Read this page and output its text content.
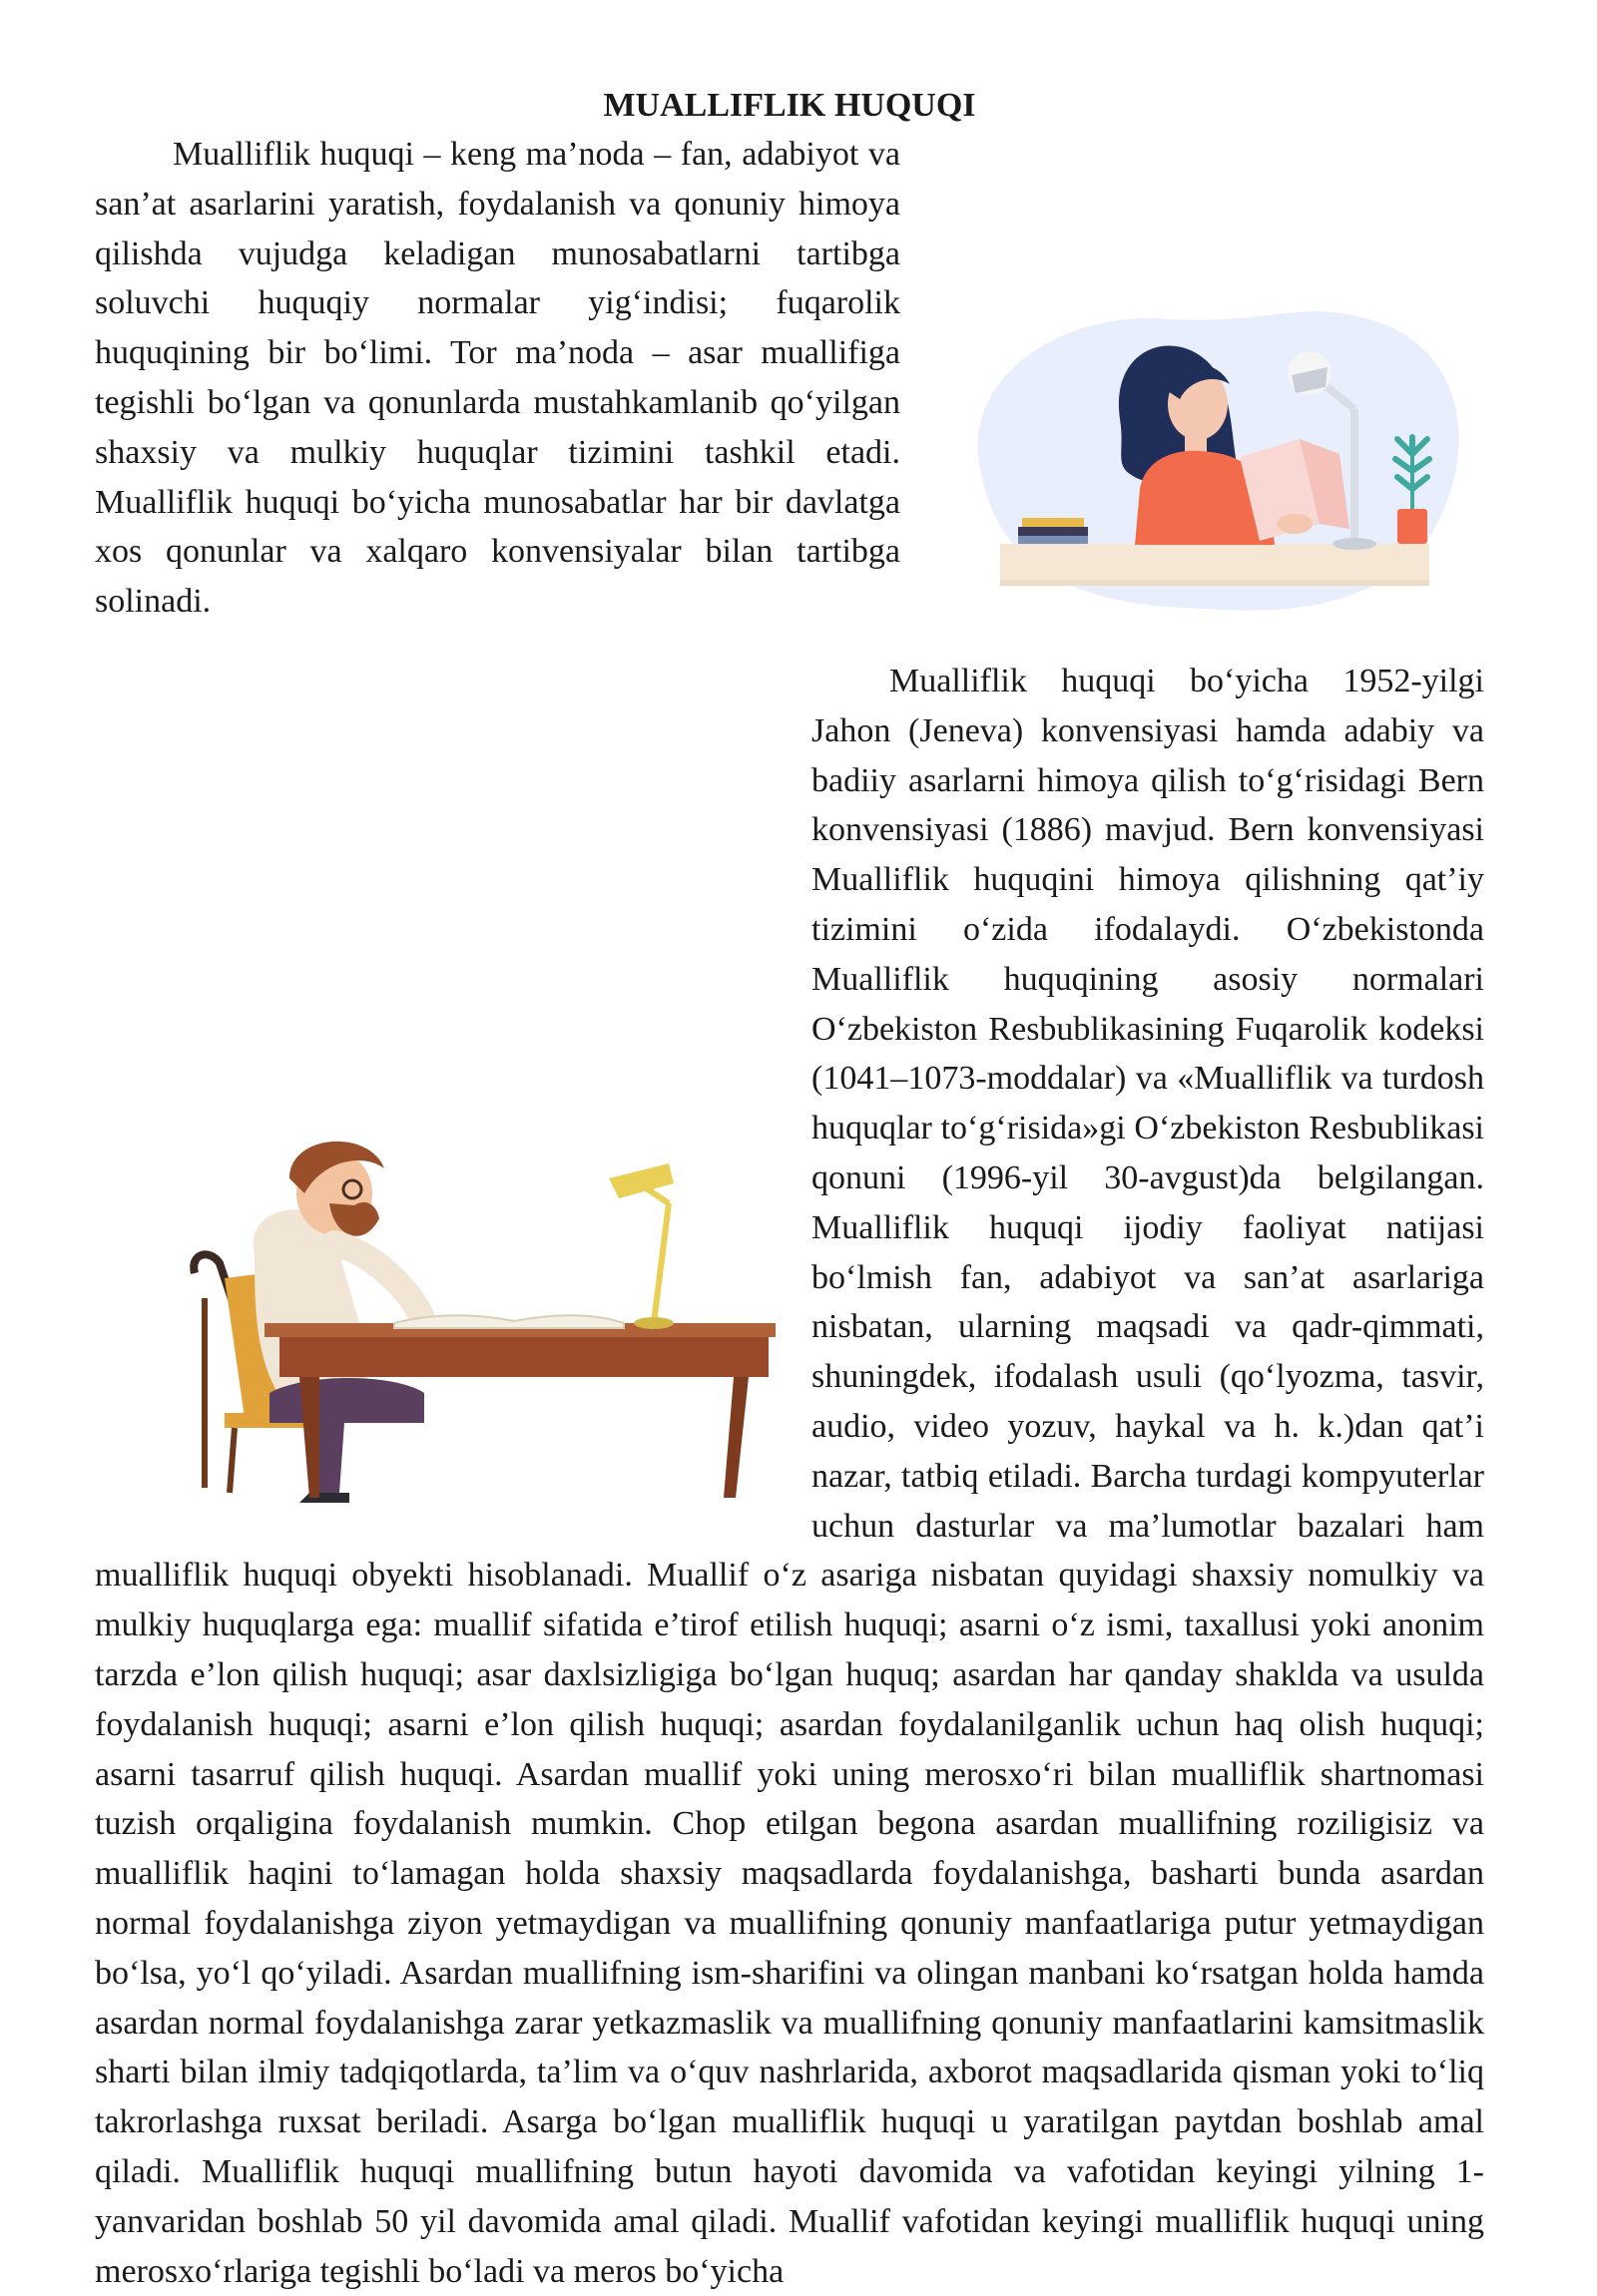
MUALLIFLIK HUQUQI

Mualliflik huquqi – keng ma’noda – fan, adabiyot va san’at asarlarini yaratish, foydalanish va qonuniy himoya qilishda vujudga keladigan munosabatlarni tartibga soluvchi huquqiy normalar yig‘indisi; fuqarolik huquqining bir bo‘limi. Tor ma’noda – asar muallifiga tegishli bo‘lgan va qonunlarda mustahkamlanib qo‘yilgan shaxsiy va mulkiy huquqlar tizimini tashkil etadi. Mualliflik huquqi bo‘yicha munosabatlar har bir davlatga xos qonunlar va xalqaro konvensiyalar bilan tartibga solinadi.

Mualliflik huquqi bo‘yicha 1952-yilgi Jahon (Jeneva) konvensiyasi hamda adabiy va badiiy asarlarni himoya qilish to‘g‘risidagi Bern konvensiyasi (1886) mavjud. Bern konvensiyasi Mualliflik huquqini himoya qilishning qat’iy tizimini o‘zida ifodalaydi. O‘zbekistonda Mualliflik huquqining asosiy normalari O‘zbekiston Resbublikasining Fuqarolik kodeksi (1041–1073-moddalar) va «Mualliflik va turdosh huquqlar to‘g‘risida»gi O‘zbekiston Resbublikasi qonuni (1996-yil 30-avgust)da belgilangan. Mualliflik huquqi ijodiy faoliyat natijasi bo‘lmish fan, adabiyot va san’at asarlariga nisbatan, ularning maqsadi va qadr-qimmati, shuningdek, ifodalash usuli (qo‘lyozma, tasvir, audio, video yozuv, haykal va h. k.)dan qat’i nazar, tatbiq etiladi. Barcha turdagi kompyuterlar uchun dasturlar va ma’lumotlar bazalari ham mualliflik huquqi obyekti hisoblanadi. Muallif o‘z asariga nisbatan quyidagi shaxsiy nomulkiy va mulkiy huquqlarga ega: muallif sifatida e’tirof etilish huquqi; asarni o‘z ismi, taxallusi yoki anonim tarzda e’lon qilish huquqi; asar daxlsizligiga bo‘lgan huquq; asardan har qanday shaklda va usulda foydalanish huquqi; asarni e’lon qilish huquqi; asardan foydalanilganlik uchun haq olish huquqi; asarni tasarruf qilish huquqi. Asardan muallif yoki uning merosxo‘ri bilan mualliflik shartnomasi tuzish orqaligina foydalanish mumkin. Chop etilgan begona asardan muallifning roziligisiz va mualliflik haqini to‘lamagan holda shaxsiy maqsadlarda foydalanishga, basharti bunda asardan normal foydalanishga ziyon yetmaydigan va muallifning qonuniy manfaatlariga putur yetmaydigan bo‘lsa, yo‘l qo‘yiladi. Asardan muallifning ism-sharifini va olingan manbani ko‘rsatgan holda hamda asardan normal foydalanishga zarar yetkazmaslik va muallifning qonuniy manfaatlarini kamsitmaslik sharti bilan ilmiy tadqiqotlarda, ta’lim va o‘quv nashrlarida, axborot maqsadlarida qisman yoki to‘liq takrorlashga ruxsat beriladi. Asarga bo‘lgan mualliflik huquqi u yaratilgan paytdan boshlab amal qiladi. Mualliflik huquqi muallifning butun hayoti davomida va vafotidan keyingi yilning 1-yanvaridan boshlab 50 yil davomida amal qiladi. Muallif vafotidan keyingi mualliflik huquqi uning merosxo‘rlariga tegishli bo‘ladi va meros bo‘yicha
